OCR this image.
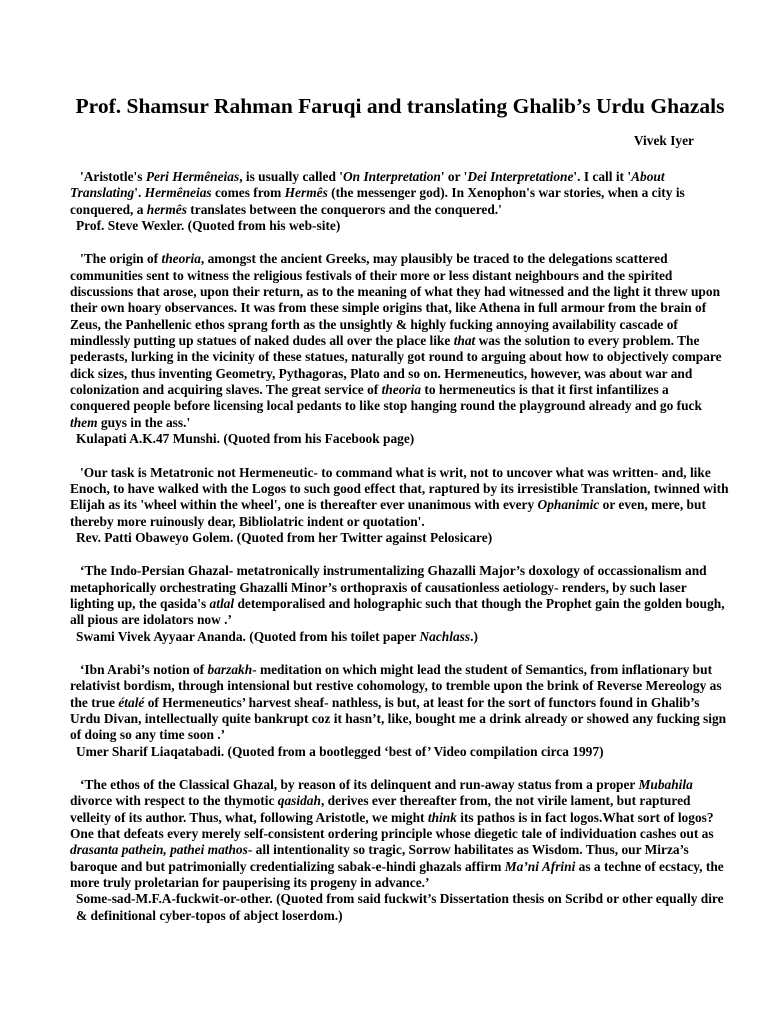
Prof. Shamsur Rahman Faruqi and translating Ghalib’s Urdu Ghazals
Vivek Iyer

'Aristotle's Peri Hermêneias, is usually called 'On Interpretation' or 'Dei Interpretatione'. I call it 'About Translating'. Hermêneias comes from Hermês (the messenger god). In Xenophon's war stories, when a city is conquered, a hermês translates between the conquerors and the conquered.'

Prof. Steve Wexler. (Quoted from his web-site)

'The origin of theoria, amongst the ancient Greeks, may plausibly be traced to the delegations scattered communities sent to witness the religious festivals of their more or less distant neighbours and the spirited discussions that arose, upon their return, as to the meaning of what they had witnessed and the light it threw upon their own hoary observances. It was from these simple origins that, like Athena in full armour from the brain of Zeus, the Panhellenic ethos sprang forth as the unsightly & highly fucking annoying availability cascade of mindlessly putting up statues of naked dudes all over the place like that was the solution to every problem. The pederasts, lurking in the vicinity of these statues, naturally got round to arguing about how to objectively compare dick sizes, thus inventing Geometry, Pythagoras, Plato and so on. Hermeneutics, however, was about war and colonization and acquiring slaves. The great service of theoria to hermeneutics is that it first infantilizes a conquered people before licensing local pedants to like stop hanging round the playground already and go fuck them guys in the ass.'

Kulapati A.K.47 Munshi. (Quoted from his Facebook page)

'Our task is Metatronic not Hermeneutic- to command what is writ, not to uncover what was written- and, like Enoch, to have walked with the Logos to such good effect that, raptured by its irresistible Translation, twinned with Elijah as its 'wheel within the wheel', one is thereafter ever unanimous with every Ophanimic or even, mere, but thereby more ruinously dear, Bibliolatric indent or quotation'.

Rev. Patti Obaweyo Golem. (Quoted from her Twitter against Pelosicare)

‘The Indo-Persian Ghazal- metatronically instrumentalizing Ghazalli Major’s doxology of occassionalism and metaphorically orchestrating Ghazalli Minor’s orthopraxis of causationless aetiology- renders, by such laser lighting up, the qasida's atlal detemporalised and holographic such that though the Prophet gain the golden bough, all pious are idolators now .’

Swami Vivek Ayyaar Ananda. (Quoted from his toilet paper Nachlass.)

‘Ibn Arabi’s notion of barzakh- meditation on which might lead the student of Semantics, from inflationary but relativist bordism, through intensional but restive cohomology, to tremble upon the brink of Reverse Mereology as the true étalé of Hermeneutics’ harvest sheaf- nathless, is but, at least for the sort of functors found in Ghalib’s Urdu Divan, intellectually quite bankrupt coz it hasn’t, like, bought me a drink already or showed any fucking sign of doing so any time soon .’

Umer Sharif Liaqatabadi. (Quoted from a bootlegged ‘best of’ Video compilation circa 1997)

‘The ethos of the Classical Ghazal, by reason of its delinquent and run-away status from a proper Mubahila divorce with respect to the thymotic qasidah, derives ever thereafter from, the not virile lament, but raptured velleity of its author. Thus, what, following Aristotle, we might think its pathos is in fact logos.What sort of logos? One that defeats every merely self-consistent ordering principle whose diegetic tale of individuation cashes out as drasanta pathein, pathei mathos- all intentionality so tragic, Sorrow habilitates as Wisdom. Thus, our Mirza’s baroque and but patrimonially credentializing sabak-e-hindi ghazals affirm Ma’ni Afrini as a techne of ecstacy, the more truly proletarian for pauperising its progeny in advance.’

Some-sad-M.F.A-fuckwit-or-other. (Quoted from said fuckwit’s Dissertation thesis on Scribd or other equally dire & definitional cyber-topos of abject loserdom.)
